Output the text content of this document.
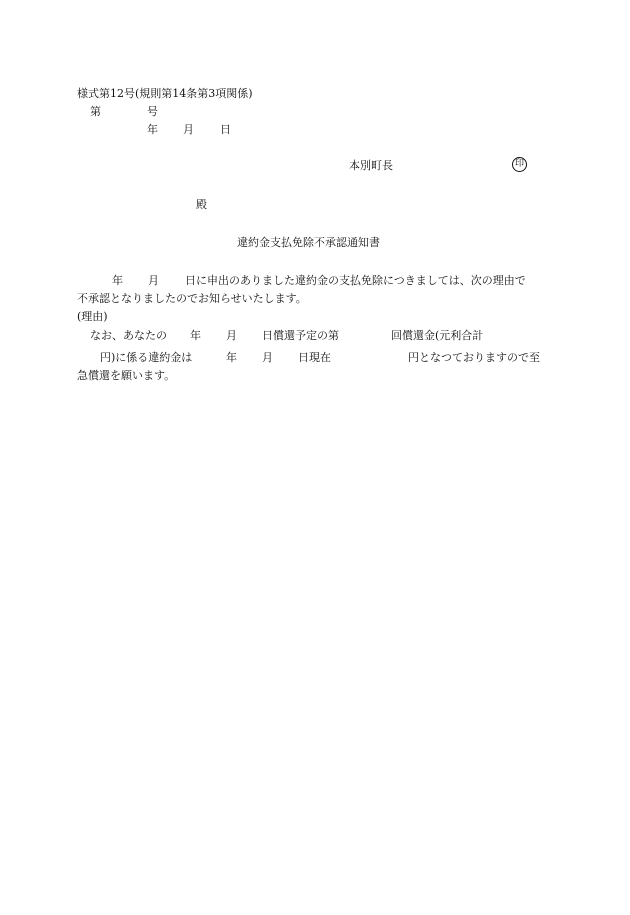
様式第12号(規則第14条第3項関係)
第	号
年 月 日
本別町長	印
殿
違約金支払免除不承認通知書
年 月 日に申出のありました違約金の支払免除につきましては、次の理由で
不承認となりましたのでお知らせいたします。
(理由)
なお、あなたの 年 月 日償還予定の第	回償還金(元利合計
円)に係る違約金は	年 月 日現在	円となつておりますので至
急償還を願います。
